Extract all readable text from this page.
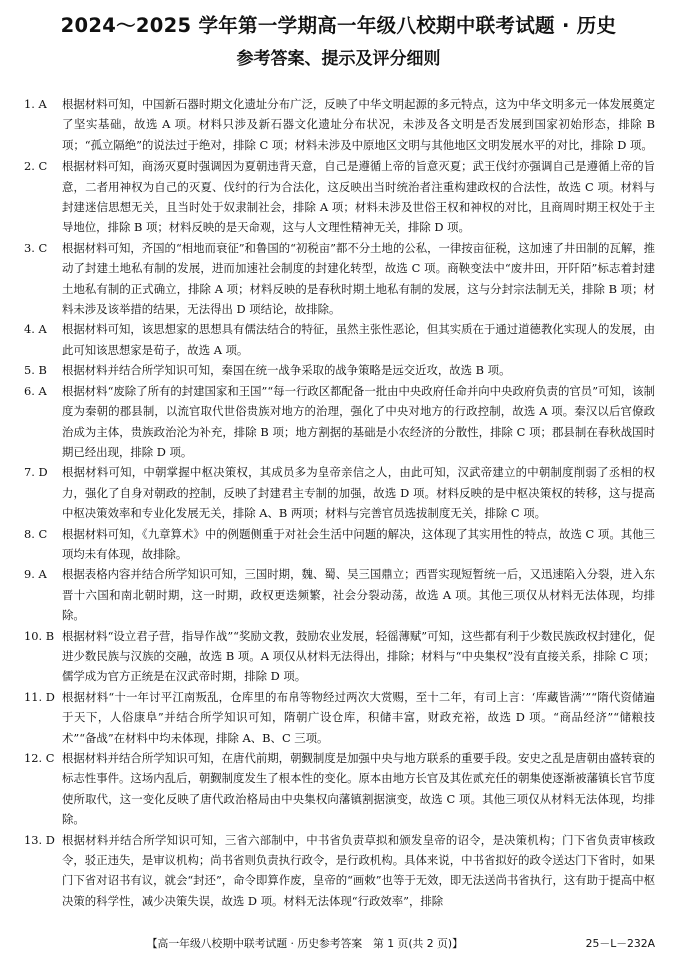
2024～2025 学年第一学期高一年级八校期中联考试题 · 历史
参考答案、提示及评分细则
1. A	根据材料可知，中国新石器时期文化遗址分布广泛，反映了中华文明起源的多元特点，这为中华文明多元一体发展奠定了坚实基础，故选 A 项。材料只涉及新石器文化遗址分布状况，未涉及各文明是否发展到国家初始形态，排除 B 项；“孤立隔绝”的说法过于绝对，排除 C 项；材料未涉及中原地区文明与其他地区文明发展水平的对比，排除 D 项。
2. C	根据材料可知，商汤灭夏时强调因为夏朝违背天意，自己是遵循上帝的旨意灭夏；武王伐纣亦强调自己是遵循上帝的旨意，二者用神权为自己的灭夏、伐纣的行为合法化，这反映出当时统治者注重构建政权的合法性，故选 C 项。材料与封建迷信思想无关，且当时处于奴隶制社会，排除 A 项；材料未涉及世俗王权和神权的对比，且商周时期王权处于主导地位，排除 B 项；材料反映的是天命观，这与人文理性精神无关，排除 D 项。
3. C	根据材料可知，齐国的“相地而衰征”和鲁国的“初税亩”都不分土地的公私，一律按亩征税，这加速了井田制的瓦解，推动了封建土地私有制的发展，进而加速社会制度的封建化转型，故选 C 项。商鞅变法中“废井田，开阡陌”标志着封建土地私有制的正式确立，排除 A 项；材料反映的是春秋时期土地私有制的发展，这与分封宗法制无关，排除 B 项；材料未涉及该举措的结果，无法得出 D 项结论，故排除。
4. A	根据材料可知，该思想家的思想具有儒法结合的特征，虽然主张性恶论，但其实质在于通过道德教化实现人的发展，由此可知该思想家是荀子，故选 A 项。
5. B	根据材料并结合所学知识可知，秦国在统一战争采取的战争策略是远交近攻，故选 B 项。
6. A	根据材料“废除了所有的封建国家和王国”“每一行政区都配备一批由中央政府任命并向中央政府负责的官员”可知，该制度为秦朝的郡县制，以流官取代世俗贵族对地方的治理，强化了中央对地方的行政控制，故选 A 项。秦汉以后官僚政治成为主体，贵族政治沦为补充，排除 B 项；地方割据的基础是小农经济的分散性，排除 C 项；郡县制在春秋战国时期已经出现，排除 D 项。
7. D	根据材料可知，中朝掌握中枢决策权，其成员多为皇帝亲信之人，由此可知，汉武帝建立的中朝制度削弱了丞相的权力，强化了自身对朝政的控制，反映了封建君主专制的加强，故选 D 项。材料反映的是中枢决策权的转移，这与提高中枢决策效率和专业化发展无关，排除 A、B 两项；材料与完善官员选拔制度无关，排除 C 项。
8. C	根据材料可知，《九章算术》中的例题侧重于对社会生活中问题的解决，这体现了其实用性的特点，故选 C 项。其他三项均未有体现，故排除。
9. A	根据表格内容并结合所学知识可知，三国时期，魏、蜀、吴三国鼎立；西晋实现短暂统一后，又迅速陷入分裂，进入东晋十六国和南北朝时期，这一时期，政权更迭频繁，社会分裂动荡，故选 A 项。其他三项仅从材料无法体现，均排除。
10. B 根据材料“设立君子营，指导作战”“奖励文教，鼓励农业发展，轻徭薄赋”可知，这些都有利于少数民族政权封建化，促进少数民族与汉族的交融，故选 B 项。A 项仅从材料无法得出，排除；材料与“中央集权”没有直接关系，排除 C 项；儒学成为官方正统是在汉武帝时期，排除 D 项。
11. D 根据材料“十一年讨平江南叛乱，仓库里的布帛等物经过两次大赏赐，至十二年，有司上言：‘库藏皆满’”“隋代资储遍于天下，人俗康阜”并结合所学知识可知，隋朝广设仓库，积储丰富，财政充裕，故选 D 项。“商品经济”“储粮技术”“备战”在材料中均未体现，排除 A、B、C 三项。
12. C 根据材料并结合所学知识可知，在唐代前期，朝觐制度是加强中央与地方联系的重要手段。安史之乱是唐朝由盛转衰的标志性事件。这场内乱后，朝觐制度发生了根本性的变化。原本由地方长官及其佐贰充任的朝集使逐渐被藩镇长官节度使所取代，这一变化反映了唐代政治格局由中央集权向藩镇割据演变，故选 C 项。其他三项仅从材料无法体现，均排除。
13. D 根据材料并结合所学知识可知，三省六部制中，中书省负责草拟和颁发皇帝的诏令，是决策机构；门下省负责审核政令，驳正违失，是审议机构；尚书省则负责执行政令，是行政机构。具体来说，中书省拟好的政令送达门下省时，如果门下省对诏书有议，就会“封还”，命令即算作废，皇帝的“画敕”也等于无效，即无法送尚书省执行，这有助于提高中枢决策的科学性，减少决策失误，故选 D 项。材料无法体现“行政效率”，排除
【高一年级八校期中联考试题 · 历史参考答案　第 1 页(共 2 页)】	25－L－232A
